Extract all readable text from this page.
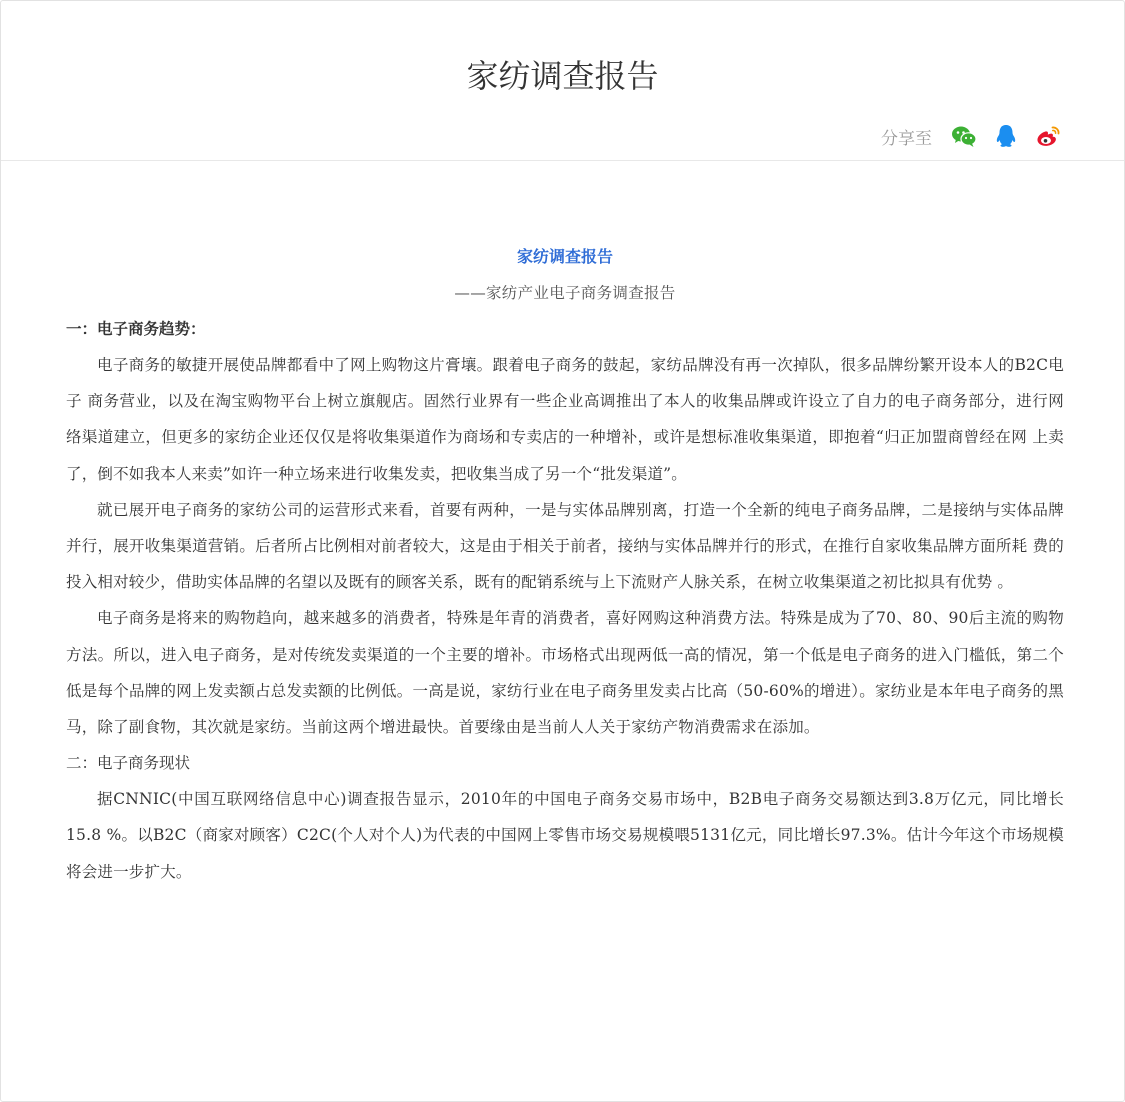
家纺调查报告
分享至
家纺调查报告
——家纺产业电子商务调查报告
一：电子商务趋势：

电子商务的敏捷开展使品牌都看中了网上购物这片膏壤。跟着电子商务的鼓起，家纺品牌没有再一次掉队，很多品牌纷繁开设本人的B2C电子 商务营业，以及在淘宝购物平台上树立旗舰店。固然行业界有一些企业高调推出了本人的收集品牌或许设立了自力的电子商务部分，进行网 络渠道建立，但更多的家纺企业还仅仅是将收集渠道作为商场和专卖店的一种增补，或许是想标准收集渠道，即抱着“归正加盟商曾经在网 上卖了，倒不如我本人来卖”如许一种立场来进行收集发卖，把收集当成了另一个“批发渠道”。

就已展开电子商务的家纺公司的运营形式来看，首要有两种，一是与实体品牌别离，打造一个全新的纯电子商务品牌，二是接纳与实体品牌 并行，展开收集渠道营销。后者所占比例相对前者较大，这是由于相关于前者，接纳与实体品牌并行的形式，在推行自家收集品牌方面所耗 费的投入相对较少，借助实体品牌的名望以及既有的顾客关系，既有的配销系统与上下流财产人脉关系，在树立收集渠道之初比拟具有优势 。

电子商务是将来的购物趋向，越来越多的消费者，特殊是年青的消费者，喜好网购这种消费方法。特殊是成为了70、80、90后主流的购物方法。所以，进入电子商务，是对传统发卖渠道的一个主要的增补。市场格式出现两低一高的情况，第一个低是电子商务的进入门槛低，第二个低是每个品牌的网上发卖额占总发卖额的比例低。一高是说，家纺行业在电子商务里发卖占比高（50-60%的增进）。家纺业是本年电子商务的黑马，除了副食物，其次就是家纺。当前这两个增进最快。首要缘由是当前人人关于家纺产物消费需求在添加。

二：电子商务现状

据CNNIC(中国互联网络信息中心)调查报告显示，2010年的中国电子商务交易市场中，B2B电子商务交易额达到3.8万亿元，同比增长15.8 %。以B2C（商家对顾客）C2C(个人对个人)为代表的中国网上零售市场交易规模喂5131亿元，同比增长97.3%。估计今年这个市场规模将会进一步扩大。
